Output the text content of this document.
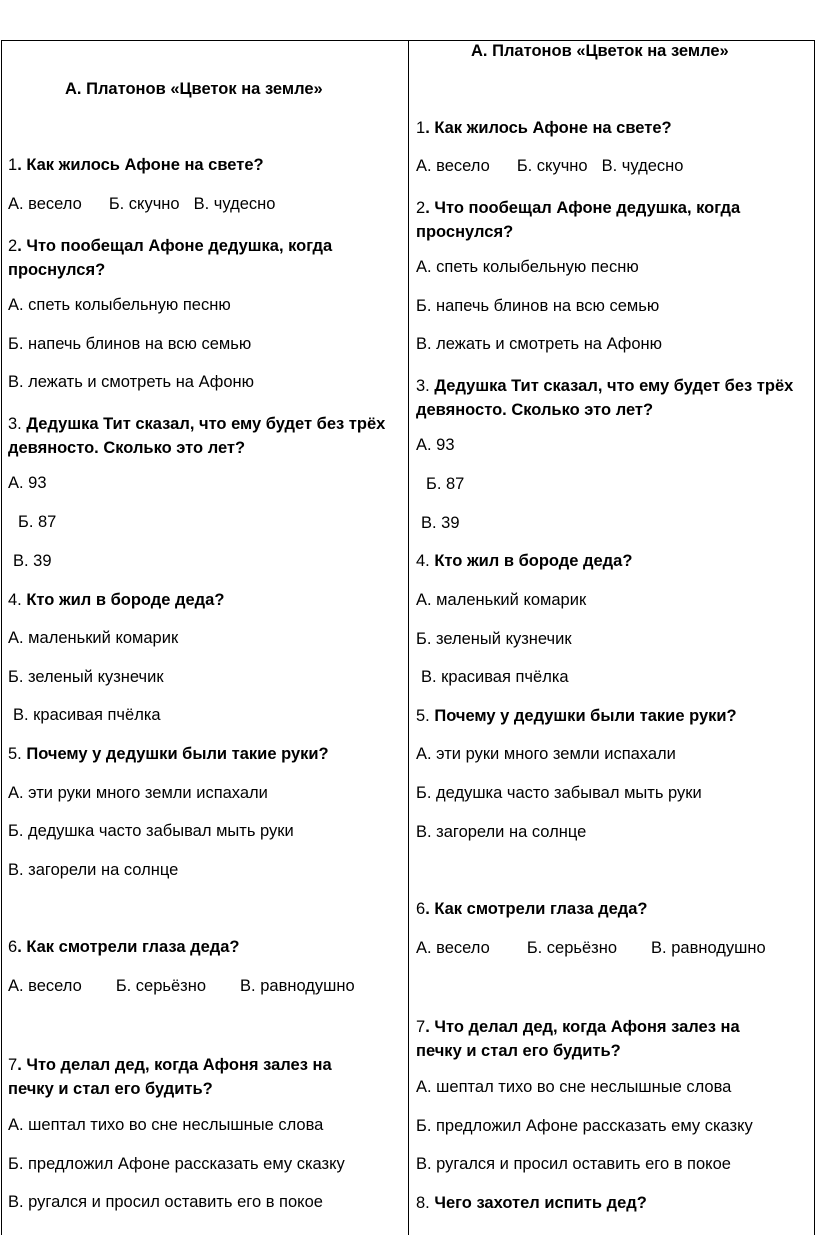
А. Платонов «Цветок на земле»
1. Как жилось Афоне на свете?
А. весело Б. скучно В. чудесно
2. Что пообещал Афоне дедушка, когда проснулся?
А. спеть колыбельную песню
Б. напечь блинов на всю семью
В. лежать и смотреть на Афоню
3. Дедушка Тит сказал, что ему будет без трёх девяносто. Сколько это лет?
А. 93
Б. 87
В. 39
4. Кто жил в бороде деда?
А. маленький комарик
Б. зеленый кузнечик
В. красивая пчёлка
5. Почему у дедушки были такие руки?
А. эти руки много земли испахали
Б. дедушка часто забывал мыть руки
В. загорели на солнце
6. Как смотрели глаза деда?
А. весело Б. серьёзно В. равнодушно
7. Что делал дед, когда Афоня залез на печку и стал его будить?
А. шептал тихо во сне неслышные слова
Б. предложил Афоне рассказать ему сказку
В. ругался и просил оставить его в покое
А. Платонов «Цветок на земле»
1. Как жилось Афоне на свете?
А. весело Б. скучно В. чудесно
2. Что пообещал Афоне дедушка, когда проснулся?
А. спеть колыбельную песню
Б. напечь блинов на всю семью
В. лежать и смотреть на Афоню
3. Дедушка Тит сказал, что ему будет без трёх девяносто. Сколько это лет?
А. 93
Б. 87
В. 39
4. Кто жил в бороде деда?
А. маленький комарик
Б. зеленый кузнечик
В. красивая пчёлка
5. Почему у дедушки были такие руки?
А. эти руки много земли испахали
Б. дедушка часто забывал мыть руки
В. загорели на солнце
6. Как смотрели глаза деда?
А. весело Б. серьёзно В. равнодушно
7. Что делал дед, когда Афоня залез на печку и стал его будить?
А. шептал тихо во сне неслышные слова
Б. предложил Афоне рассказать ему сказку
В. ругался и просил оставить его в покое
8. Чего захотел испить дед?
